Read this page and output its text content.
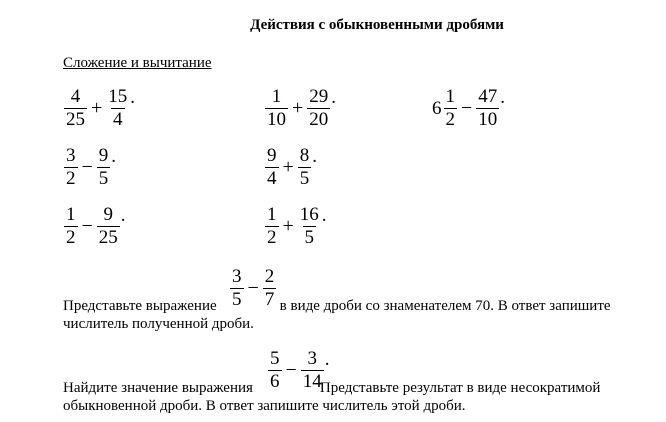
Действия с обыкновенными дробями
Сложение и вычитание
$\frac{4}{25} + \frac{15}{4}$ .	$\frac{1}{10} + \frac{29}{20}$ .	$6 \frac{1}{2} - \frac{47}{10}$ .
$\frac{3}{2} - \frac{9}{5}$ .	$\frac{9}{4} + \frac{8}{5}$ .
$\frac{1}{2} - \frac{9}{25}$ .	$\frac{1}{2} + \frac{16}{5}$ .
$\frac{3}{5} - \frac{2}{7}$
Представьте выражение	в виде дроби со знаменателем 70. В ответ запишите
числитель полученной дроби.
$\frac{5}{6} - \frac{3}{14}$ .
Найдите значение выражения	Представьте результат в виде несократимой
обыкновенной дроби. В ответ запишите числитель этой дроби.
